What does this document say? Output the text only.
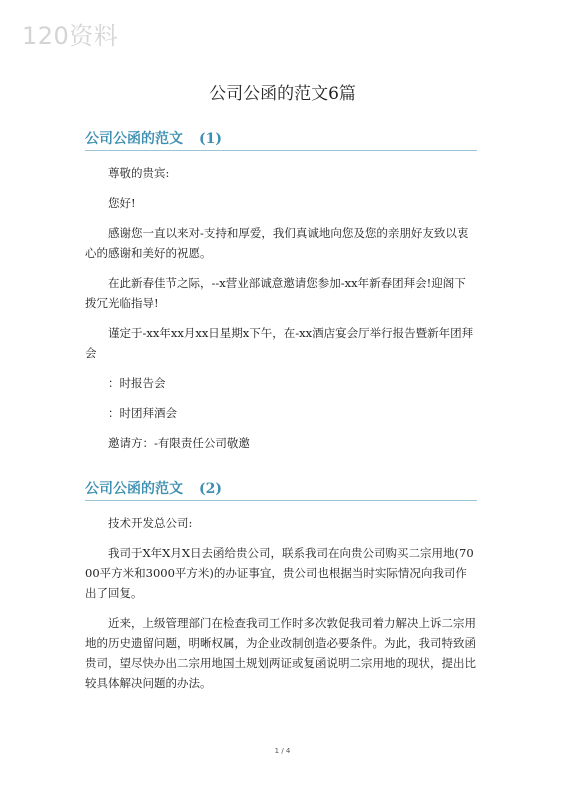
120资料
公司公函的范文6篇
公司公函的范文 (1)
尊敬的贵宾:
您好!
感谢您一直以来对-支持和厚爱，我们真诚地向您及您的亲朋好友致以衷心的感谢和美好的祝愿。
在此新春佳节之际，--x营业部诚意邀请您参加-xx年新春团拜会!迎阁下拨冗光临指导!
谨定于-xx年xx月xx日星期x下午，在-xx酒店宴会厅举行报告暨新年团拜会
：时报告会
：时团拜酒会
邀请方：-有限责任公司敬邀
公司公函的范文 (2)
技术开发总公司:
我司于X年X月X日去函给贵公司，联系我司在向贵公司购买二宗用地(7000平方米和3000平方米)的办证事宜，贵公司也根据当时实际情况向我司作出了回复。
近来，上级管理部门在检查我司工作时多次敦促我司着力解决上诉二宗用地的历史遗留问题，明晰权属，为企业改制创造必要条件。为此，我司特致函贵司，望尽快办出二宗用地国土规划两证或复函说明二宗用地的现状，提出比较具体解决问题的办法。
1 / 4
